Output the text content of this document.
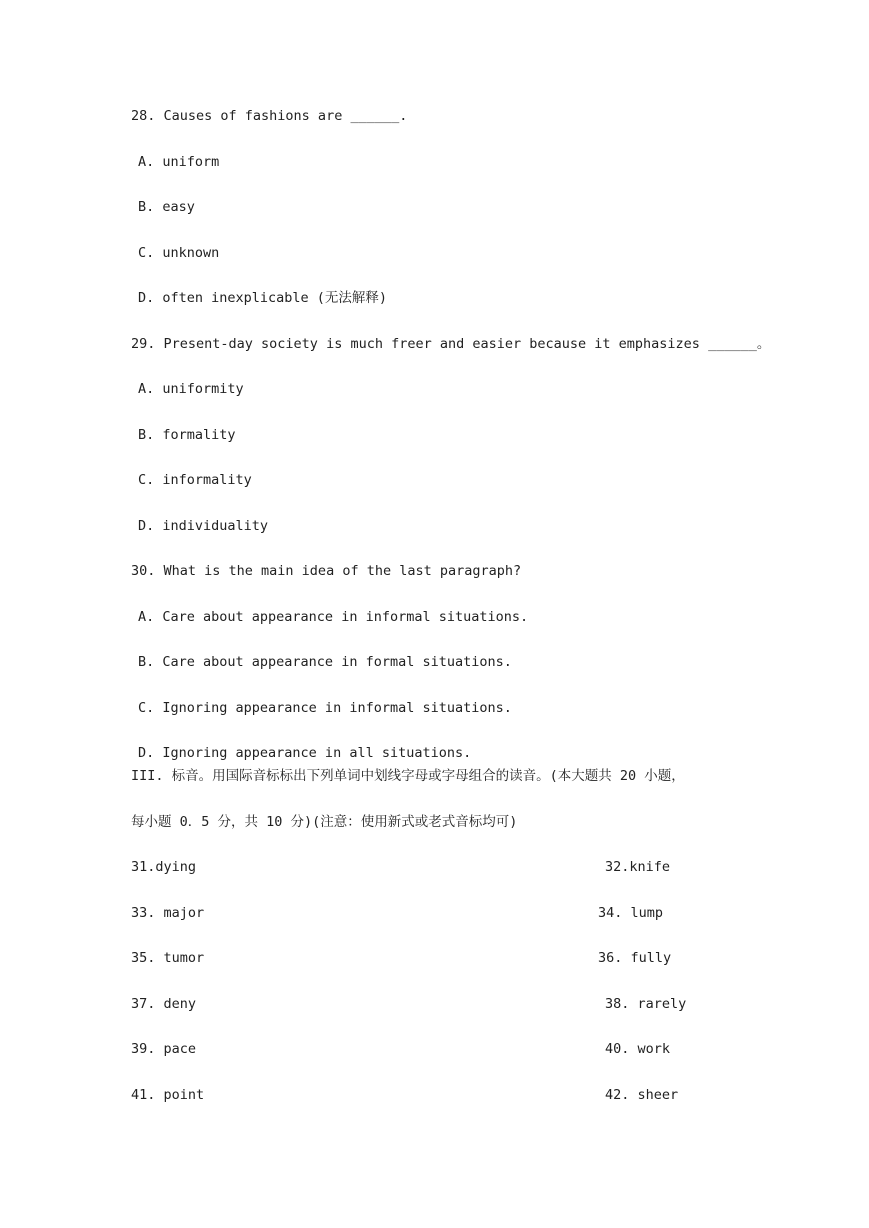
28. Causes of fashions are ______.
A. uniform
B. easy
C. unknown
D. often inexplicable (无法解释)
29. Present-day society is much freer and easier because it emphasizes ______。
A. uniformity
B. formality
C. informality
D. individuality
30. What is the main idea of the last paragraph?
A. Care about appearance in informal situations.
B. Care about appearance in formal situations.
C. Ignoring appearance in informal situations.
D. Ignoring appearance in all situations.
III. 标音。用国际音标标出下列单词中划线字母或字母组合的读音。(本大题共 20 小题，
每小题 0．5 分，共 10 分)(注意：使用新式或老式音标均可)
31.dying	32.knife
33. major	34. lump
35. tumor	36. fully
37. deny	38. rarely
39. pace	40. work
41. point	42. sheer
